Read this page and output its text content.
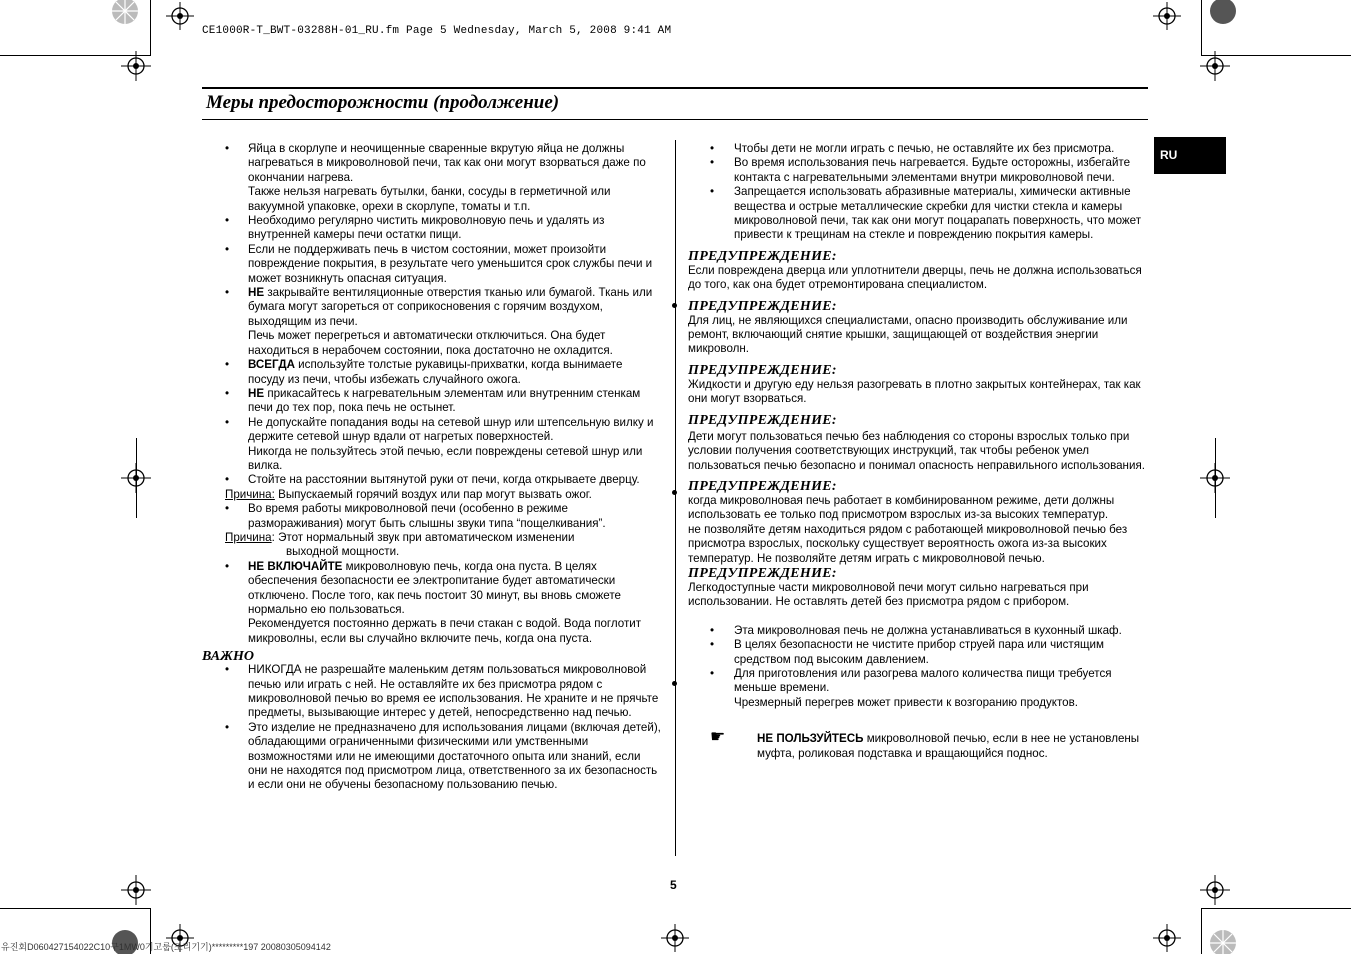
CE1000R-T_BWT-03288H-01_RU.fm Page 5 Wednesday, March 5, 2008 9:41 AM
Меры предосторожности (продолжение)
RU

• Яйца в скорлупе и неочищенные сваренные вкрутую яйца не должны нагреваться в микроволновой печи, так как они могут взорваться даже по окончании нагрева.

Также нельзя нагревать бутылки, банки, сосуды в герметичной или вакуумной упаковке, орехи в скорлупе, томаты и т.п.

• Необходимо регулярно чистить микроволновую печь и удалять из внутренней камеры печи остатки пищи.

• Если не поддерживать печь в чистом состоянии, может произойти повреждение покрытия, в результате чего уменьшится срок службы печи и может возникнуть опасная ситуация.

• НЕ закрывайте вентиляционные отверстия тканью или бумагой. Ткань или бумага могут загореться от соприкосновения с горячим воздухом, выходящим из печи.

Печь может перегреться и автоматически отключиться. Она будет находиться в нерабочем состоянии, пока достаточно не охладится.

• ВСЕГДА используйте толстые рукавицы-прихватки, когда вынимаете посуду из печи, чтобы избежать случайного ожога.

• НЕ прикасайтесь к нагревательным элементам или внутренним стенкам печи до тех пор, пока печь не остынет.

• Не допускайте попадания воды на сетевой шнур или штепсельную вилку и держите сетевой шнур вдали от нагретых поверхностей.

Никогда не пользуйтесь этой печью, если повреждены сетевой шнур или вилка.

• Стойте на расстоянии вытянутой руки от печи, когда открываете дверцу.

Причина: Выпускаемый горячий воздух или пар могут вызвать ожог.

• Во время работы микроволновой печи (особенно в режиме размораживания) могут быть слышны звуки типа “пощелкивания”.

Причина: Этот нормальный звук при автоматическом изменении
выходной мощности.

• НЕ ВКЛЮЧАЙТЕ микроволновую печь, когда она пуста. В целях обеспечения безопасности ее электропитание будет автоматически отключено. После того, как печь постоит 30 минут, вы вновь сможете нормально ею пользоваться.

Рекомендуется постоянно держать в печи стакан с водой. Вода поглотит микроволны, если вы случайно включите печь, когда она пуста.

ВАЖНО

• НИКОГДА не разрешайте маленьким детям пользоваться микроволновой печью или играть с ней. Не оставляйте их без присмотра рядом с микроволновой печью во время ее использования. Не храните и не прячьте предметы, вызывающие интерес у детей, непосредственно над печью.

• Это изделие не предназначено для использования лицами (включая детей), обладающими ограниченными физическими или умственными возможностями или не имеющими достаточного опыта или знаний, если они не находятся под присмотром лица, ответственного за их безопасность и если они не обучены безопасному пользованию печью.

• Чтобы дети не могли играть с печью, не оставляйте их без присмотра.

• Во время использования печь нагревается. Будьте осторожны, избегайте контакта с нагревательными элементами внутри микроволновой печи.

• Запрещается использовать абразивные материалы, химически активные вещества и острые металлические скребки для чистки стекла и камеры микроволновой печи, так как они могут поцарапать поверхность, что может привести к трещинам на стекле и повреждению покрытия камеры.

ПРЕДУПРЕЖДЕНИЕ:

Если повреждена дверца или уплотнители дверцы, печь не должна использоваться до того, как она будет отремонтирована специалистом.

ПРЕДУПРЕЖДЕНИЕ:

Для лиц, не являющихся специалистами, опасно производить обслуживание или ремонт, включающий снятие крышки, защищающей от воздействия энергии микроволн.

ПРЕДУПРЕЖДЕНИЕ:

Жидкости и другую еду нельзя разогревать в плотно закрытых контейнерах, так как они могут взорваться.

ПРЕДУПРЕЖДЕНИЕ:

Дети могут пользоваться печью без наблюдения со стороны взрослых только при условии получения соответствующих инструкций, так чтобы ребенок умел пользоваться печью безопасно и понимал опасность неправильного использования.

ПРЕДУПРЕЖДЕНИЕ:

когда микроволновая печь работает в комбинированном режиме, дети должны использовать ее только под присмотром взрослых из-за высоких температур.

не позволяйте детям находиться рядом с работающей микроволновой печью без присмотра взрослых, поскольку существует вероятность ожога из-за высоких температур. Не позволяйте детям играть с микроволновой печью.

ПРЕДУПРЕЖДЕНИЕ:

Легкодоступные части микроволновой печи могут сильно нагреваться при использовании. Не оставлять детей без присмотра рядом с прибором.

• Эта микроволновая печь не должна устанавливаться в кухонный шкаф.

• В целях безопасности не чистите прибор струей пара или чистящим средством под высоким давлением.

• Для приготовления или разогрева малого количества пищи требуется меньше времени.

Чрезмерный перегрев может привести к возгоранию продуктов.

☛	НЕ ПОЛЬЗУЙТЕСЬ микроволновой печью, если в нее не установлены муфта, роликовая подставка и вращающийся поднос.
5
유진회D060427154022C10구1MW0기고룹(조리기기)*********197 20080305094142
